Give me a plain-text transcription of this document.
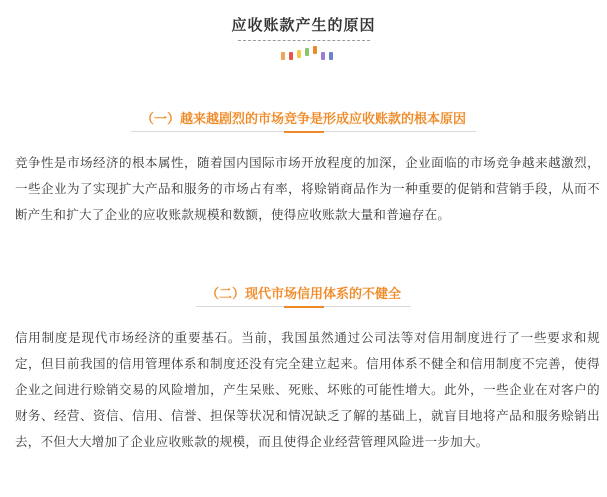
应收账款产生的原因
（一）越来越剧烈的市场竞争是形成应收账款的根本原因

竞争性是市场经济的根本属性，随着国内国际市场开放程度的加深，企业面临的市场竞争越来越激烈，一些企业为了实现扩大产品和服务的市场占有率，将赊销商品作为一种重要的促销和营销手段，从而不断产生和扩大了企业的应收账款规模和数额，使得应收账款大量和普遍存在。

（二）现代市场信用体系的不健全

信用制度是现代市场经济的重要基石。当前，我国虽然通过公司法等对信用制度进行了一些要求和规定，但目前我国的信用管理体系和制度还没有完全建立起来。信用体系不健全和信用制度不完善，使得企业之间进行赊销交易的风险增加，产生呆账、死账、坏账的可能性增大。此外，一些企业在对客户的财务、经营、资信、信用、信誉、担保等状况和情况缺乏了解的基础上，就盲目地将产品和服务赊销出去，不但大大增加了企业应收账款的规模，而且使得企业经营管理风险进一步加大。
